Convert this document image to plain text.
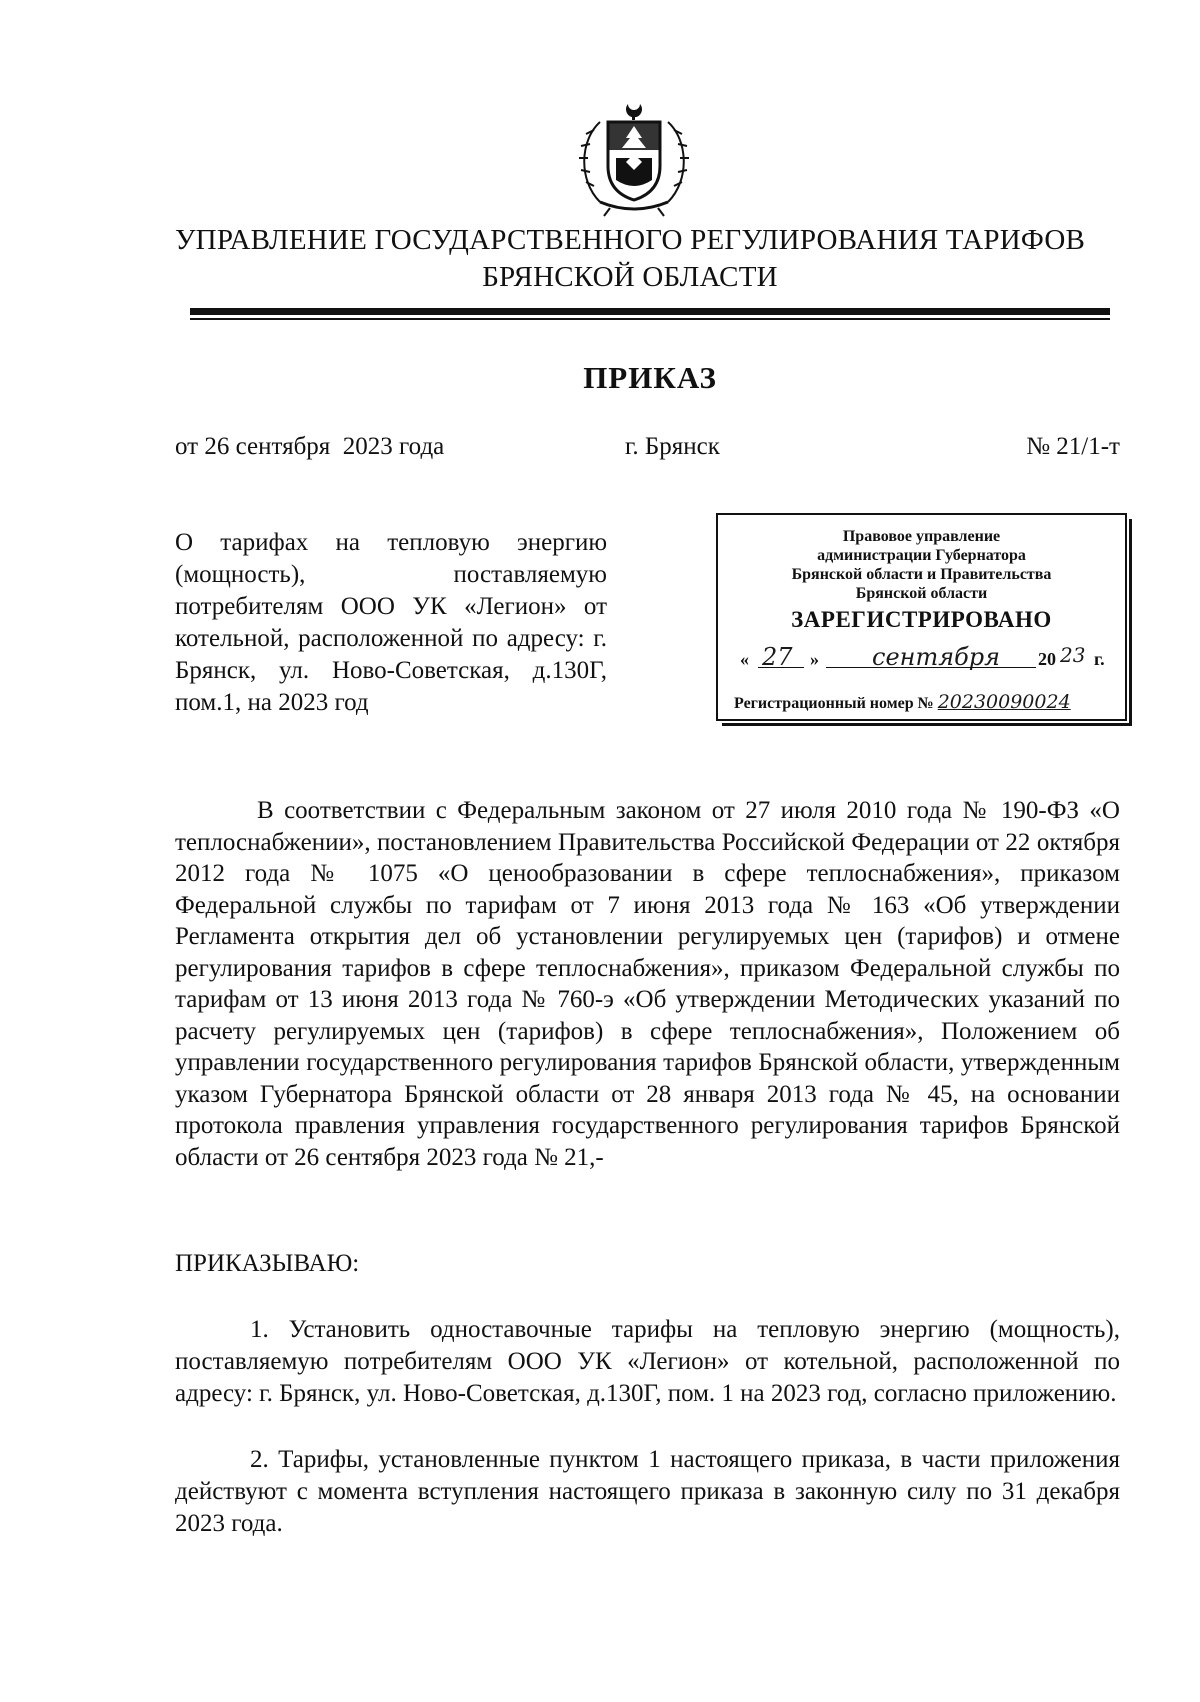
УПРАВЛЕНИЕ ГОСУДАРСТВЕННОГО РЕГУЛИРОВАНИЯ ТАРИФОВ
БРЯНСКОЙ ОБЛАСТИ
ПРИКАЗ
от 26 сентября  2023 года	г. Брянск	№ 21/1-т
О тарифах на тепловую энергию (мощность), поставляемую потребителям ООО УК «Легион» от котельной, расположенной по адресу: г. Брянск, ул. Ново-Советская, д.130Г, пом.1, на 2023 год
Правовое управление
администрации Губернатора
Брянской области и Правительства
Брянской области
ЗАРЕГИСТРИРОВАНО
« 27 » сентября 20 23 г.
Регистрационный номер № 20230090024
В соответствии с Федеральным законом от 27 июля 2010 года № 190-ФЗ «О теплоснабжении», постановлением Правительства Российской Федерации от 22 октября 2012 года № 1075 «О ценообразовании в сфере теплоснабжения», приказом Федеральной службы по тарифам от 7 июня 2013 года № 163 «Об утверждении Регламента открытия дел об установлении регулируемых цен (тарифов) и отмене регулирования тарифов в сфере теплоснабжения», приказом Федеральной службы по тарифам от 13 июня 2013 года № 760-э «Об утверждении Методических указаний по расчету регулируемых цен (тарифов) в сфере теплоснабжения», Положением об управлении государственного регулирования тарифов Брянской области, утвержденным указом Губернатора Брянской области от 28 января 2013 года № 45, на основании протокола правления управления государственного регулирования тарифов Брянской области от 26 сентября 2023 года № 21,-
ПРИКАЗЫВАЮ:
1. Установить одноставочные тарифы на тепловую энергию (мощность), поставляемую потребителям ООО УК «Легион» от котельной, расположенной по адресу: г. Брянск, ул. Ново-Советская, д.130Г, пом. 1 на 2023 год, согласно приложению.
2. Тарифы, установленные пунктом 1 настоящего приказа, в части приложения действуют с момента вступления настоящего приказа в законную силу по 31 декабря 2023 года.
